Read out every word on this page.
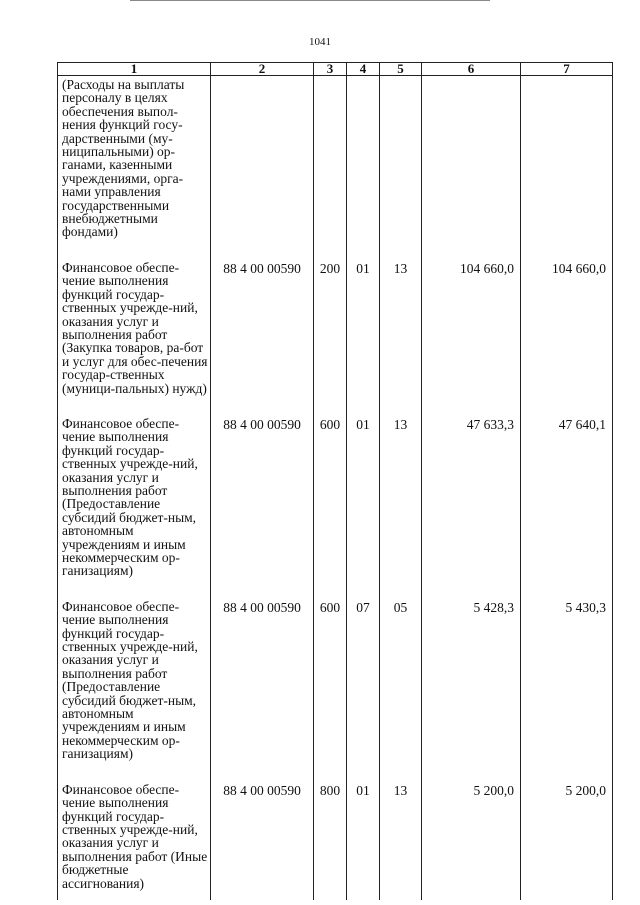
1041
1	2	3	4	5	6	7
(Расходы на выплаты персоналу в целях обеспечения выпол-нения функций госу-дарственными (му-ниципальными) ор-ганами, казенными учреждениями, орга-нами управления государственными внебюджетными фондами)						

Финансовое обеспе-чение выполнения функций государ-ственных учрежде-ний, оказания услуг и выполнения работ (Закупка товаров, ра-бот и услуг для обес-печения государ-ственных (муници-пальных) нужд)	88 4 00 00590	200	01	13	104 660,0	104 660,0

Финансовое обеспе-чение выполнения функций государ-ственных учрежде-ний, оказания услуг и выполнения работ (Предоставление субсидий бюджет-ным, автономным учреждениям и иным некоммерческим ор-ганизациям)	88 4 00 00590	600	01	13	47 633,3	47 640,1

Финансовое обеспе-чение выполнения функций государ-ственных учрежде-ний, оказания услуг и выполнения работ (Предоставление субсидий бюджет-ным, автономным учреждениям и иным некоммерческим ор-ганизациям)	88 4 00 00590	600	07	05	5 428,3	5 430,3

Финансовое обеспе-чение выполнения функций государ-ственных учрежде-ний, оказания услуг и выполнения работ (Иные бюджетные ассигнования)	88 4 00 00590	800	01	13	5 200,0	5 200,0
